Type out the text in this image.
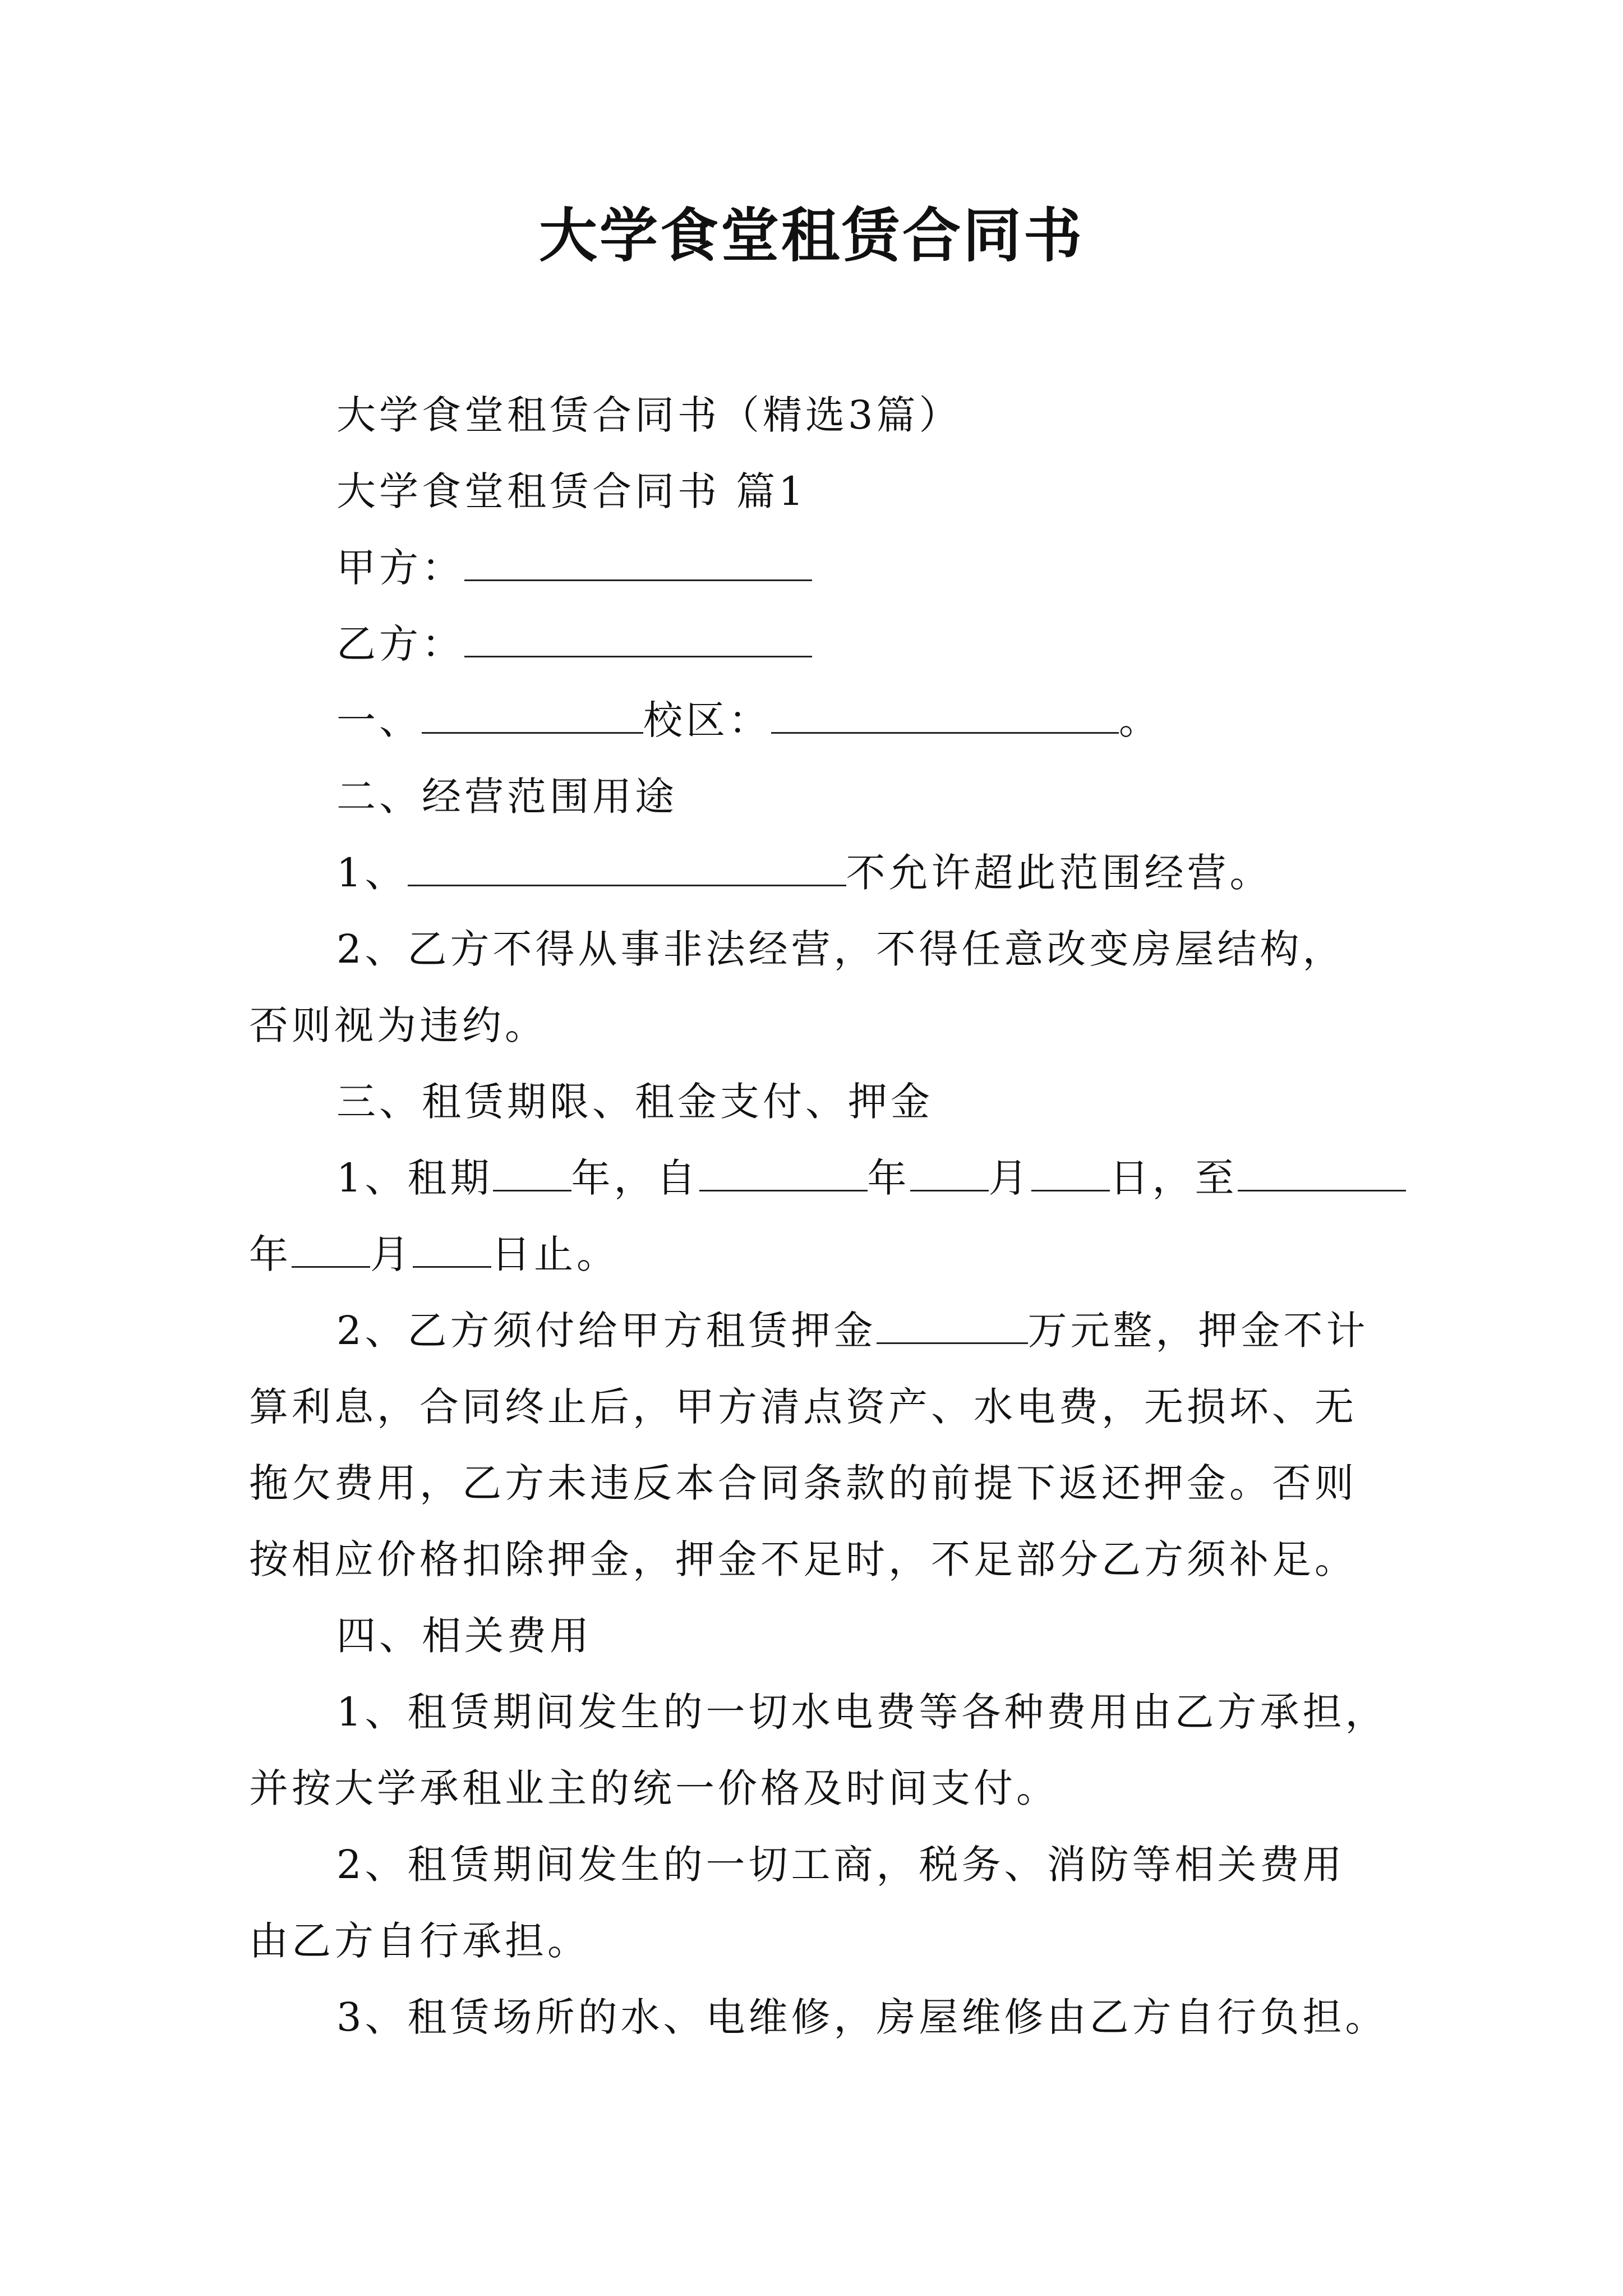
大学食堂租赁合同书
大学食堂租赁合同书（精选3篇）
大学食堂租赁合同书 篇1
甲方：
乙方：
一、	校区：	。
二、经营范围用途
1、	不允许超此范围经营。
2、乙方不得从事非法经营，不得任意改变房屋结构，
否则视为违约。
三、租赁期限、租金支付、押金
1、租期 年，自	年 月 日，至
年 月 日止。
2、乙方须付给甲方租赁押金	万元整，押金不计
算利息，合同终止后，甲方清点资产、水电费，无损坏、无
拖欠费用，乙方未违反本合同条款的前提下返还押金。否则
按相应价格扣除押金，押金不足时，不足部分乙方须补足。
四、相关费用
1、租赁期间发生的一切水电费等各种费用由乙方承担，
并按大学承租业主的统一价格及时间支付。
2、租赁期间发生的一切工商，税务、消防等相关费用
由乙方自行承担。
3、租赁场所的水、电维修，房屋维修由乙方自行负担。
